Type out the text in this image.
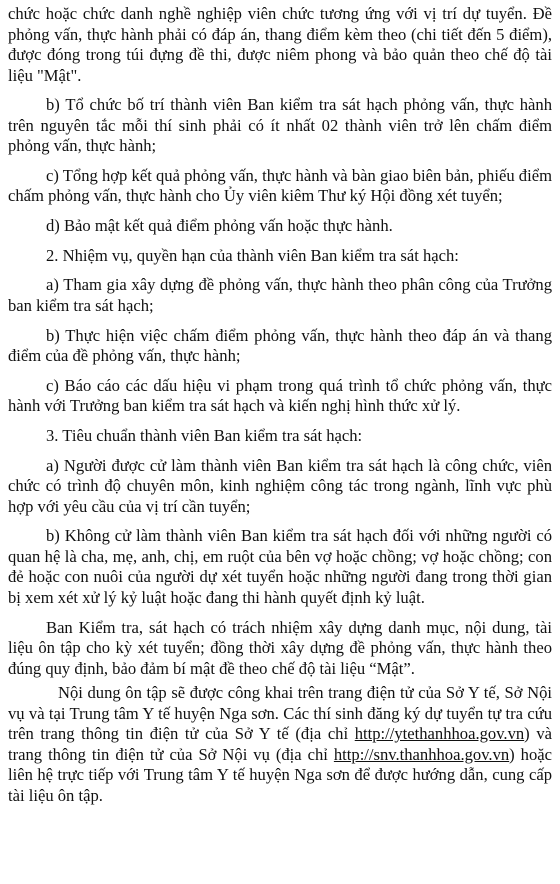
chức hoặc chức danh nghề nghiệp viên chức tương ứng với vị trí dự tuyển. Đề phỏng vấn, thực hành phải có đáp án, thang điểm kèm theo (chi tiết đến 5 điểm), được đóng trong túi đựng đề thi, được niêm phong và bảo quản theo chế độ tài liệu "Mật".

b) Tổ chức bố trí thành viên Ban kiểm tra sát hạch phỏng vấn, thực hành trên nguyên tắc mỗi thí sinh phải có ít nhất 02 thành viên trở lên chấm điểm phỏng vấn, thực hành;

c) Tổng hợp kết quả phỏng vấn, thực hành và bàn giao biên bản, phiếu điểm chấm phỏng vấn, thực hành cho Ủy viên kiêm Thư ký Hội đồng xét tuyển;

d) Bảo mật kết quả điểm phỏng vấn hoặc thực hành.

2. Nhiệm vụ, quyền hạn của thành viên Ban kiểm tra sát hạch:

a) Tham gia xây dựng đề phỏng vấn, thực hành theo phân công của Trưởng ban kiểm tra sát hạch;

b) Thực hiện việc chấm điểm phỏng vấn, thực hành theo đáp án và thang điểm của đề phỏng vấn, thực hành;

c) Báo cáo các dấu hiệu vi phạm trong quá trình tổ chức phỏng vấn, thực hành với Trưởng ban kiểm tra sát hạch và kiến nghị hình thức xử lý.

3. Tiêu chuẩn thành viên Ban kiểm tra sát hạch:

a) Người được cử làm thành viên Ban kiểm tra sát hạch là công chức, viên chức có trình độ chuyên môn, kinh nghiệm công tác trong ngành, lĩnh vực phù hợp với yêu cầu của vị trí cần tuyển;

b) Không cử làm thành viên Ban kiểm tra sát hạch đối với những người có quan hệ là cha, mẹ, anh, chị, em ruột của bên vợ hoặc chồng; vợ hoặc chồng; con đẻ hoặc con nuôi của người dự xét tuyển hoặc những người đang trong thời gian bị xem xét xử lý kỷ luật hoặc đang thi hành quyết định kỷ luật.

Ban Kiểm tra, sát hạch có trách nhiệm xây dựng danh mục, nội dung, tài liệu ôn tập cho kỳ xét tuyển; đồng thời xây dựng đề phỏng vấn, thực hành theo đúng quy định, bảo đảm bí mật đề theo chế độ tài liệu “Mật”.

Nội dung ôn tập sẽ được công khai trên trang điện tử của Sở Y tế, Sở Nội vụ và tại Trung tâm Y tế huyện Nga sơn. Các thí sinh đăng ký dự tuyển tự tra cứu trên trang thông tin điện tử của Sở Y tế (địa chỉ http://ytethanhhoa.gov.vn) và trang thông tin điện tử của Sở Nội vụ (địa chỉ http://snv.thanhhoa.gov.vn) hoặc liên hệ trực tiếp với Trung tâm Y tế huyện Nga sơn để được hướng dẫn, cung cấp tài liệu ôn tập.
